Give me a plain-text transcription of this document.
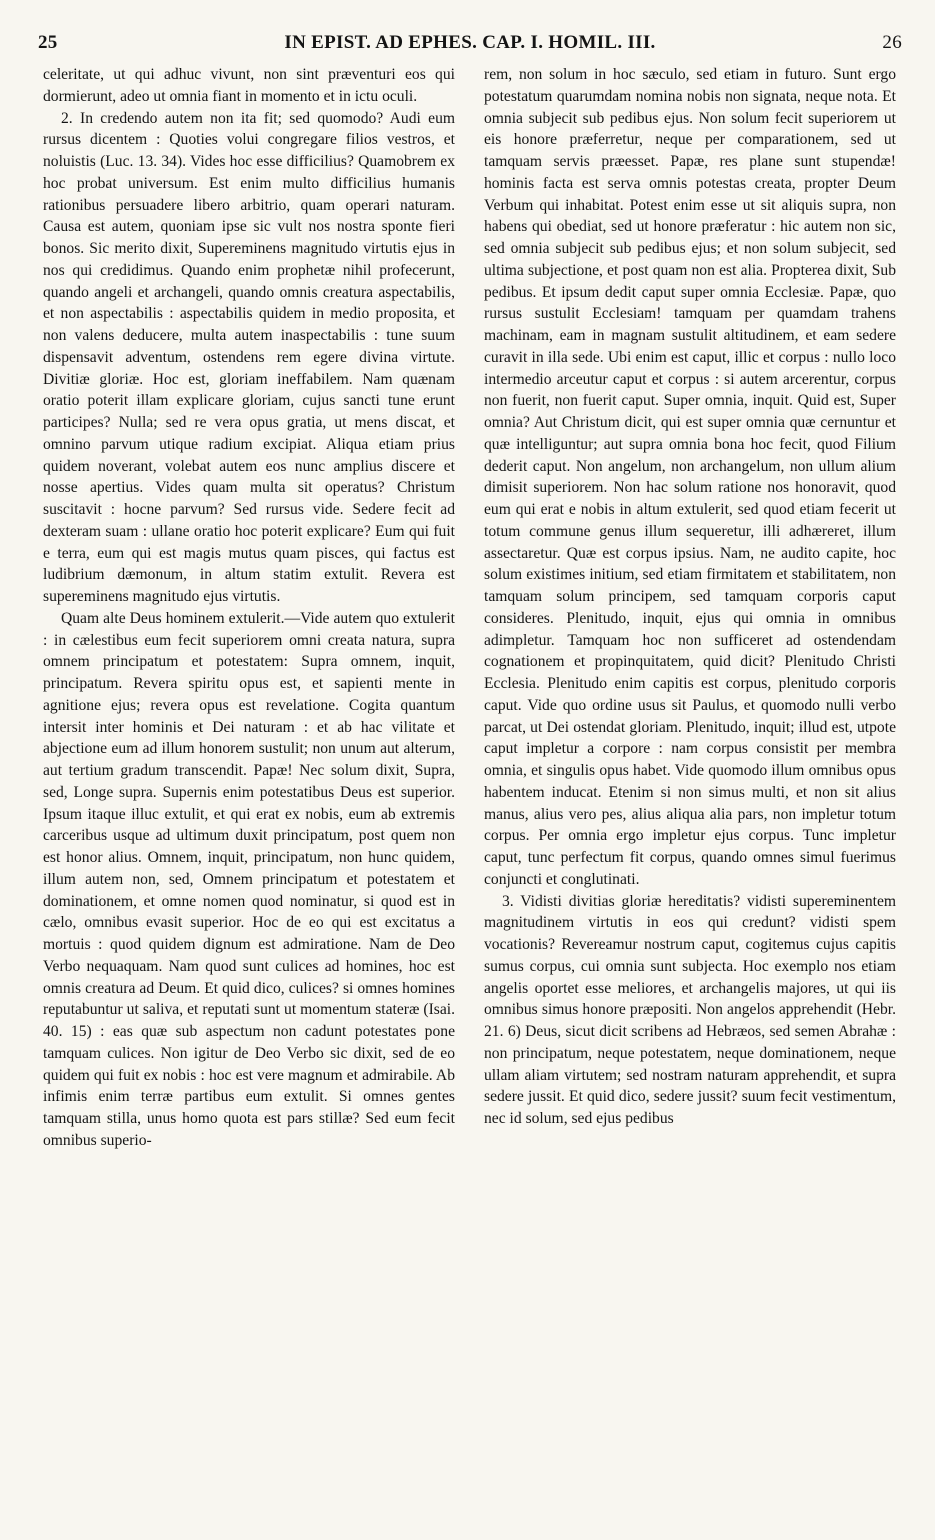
25	IN EPIST. AD EPHES. CAP. I. HOMIL. III.	26

celeritate, ut qui adhuc vivunt, non sint præventuri eos qui dormierunt, adeo ut omnia fiant in momento et in ictu oculi.

2. In credendo autem non ita fit; sed quomodo? Audi eum rursus dicentem : Quoties volui congregare filios vestros, et noluistis (Luc. 13. 34). Vides hoc esse difficilius? Quamobrem ex hoc probat universum. Est enim multo difficilius humanis rationibus persuadere libero arbitrio, quam operari naturam. Causa est autem, quoniam ipse sic vult nos nostra sponte fieri bonos. Sic merito dixit, Supereminens magnitudo virtutis ejus in nos qui credidimus. Quando enim prophetæ nihil profecerunt, quando angeli et archangeli, quando omnis creatura aspectabilis, et non aspectabilis : aspectabilis quidem in medio proposita, et non valens deducere, multa autem inaspectabilis : tune suum dispensavit adventum, ostendens rem egere divina virtute. Divitiæ gloriæ. Hoc est, gloriam ineffabilem. Nam quænam oratio poterit illam explicare gloriam, cujus sancti tune erunt participes? Nulla; sed re vera opus gratia, ut mens discat, et omnino parvum utique radium excipiat. Aliqua etiam prius quidem noverant, volebat autem eos nunc amplius discere et nosse apertius. Vides quam multa sit operatus? Christum suscitavit : hocne parvum? Sed rursus vide. Sedere fecit ad dexteram suam : ullane oratio hoc poterit explicare? Eum qui fuit e terra, eum qui est magis mutus quam pisces, qui factus est ludibrium dæmonum, in altum statim extulit. Revera est supereminens magnitudo ejus virtutis.

Quam alte Deus hominem extulerit.—Vide autem quo extulerit : in cælestibus eum fecit superiorem omni creata natura, supra omnem principatum et potestatem: Supra omnem, inquit, principatum. Revera spiritu opus est, et sapienti mente in agnitione ejus; revera opus est revelatione. Cogita quantum intersit inter hominis et Dei naturam : et ab hac vilitate et abjectione eum ad illum honorem sustulit; non unum aut alterum, aut tertium gradum transcendit. Papæ! Nec solum dixit, Supra, sed, Longe supra. Supernis enim potestatibus Deus est superior. Ipsum itaque illuc extulit, et qui erat ex nobis, eum ab extremis carceribus usque ad ultimum duxit principatum, post quem non est honor alius. Omnem, inquit, principatum, non hunc quidem, illum autem non, sed, Omnem principatum et potestatem et dominationem, et omne nomen quod nominatur, si quod est in cælo, omnibus evasit superior. Hoc de eo qui est excitatus a mortuis : quod quidem dignum est admiratione. Nam de Deo Verbo nequaquam. Nam quod sunt culices ad homines, hoc est omnis creatura ad Deum. Et quid dico, culices? si omnes homines reputabuntur ut saliva, et reputati sunt ut momentum stateræ (Isai. 40. 15) : eas quæ sub aspectum non cadunt potestates pone tamquam culices. Non igitur de Deo Verbo sic dixit, sed de eo quidem qui fuit ex nobis : hoc est vere magnum et admirabile. Ab infimis enim terræ partibus eum extulit. Si omnes gentes tamquam stilla, unus homo quota est pars stillæ? Sed eum fecit omnibus superio-

rem, non solum in hoc sæculo, sed etiam in futuro. Sunt ergo potestatum quarumdam nomina nobis non signata, neque nota. Et omnia subjecit sub pedibus ejus. Non solum fecit superiorem ut eis honore præferretur, neque per comparationem, sed ut tamquam servis præesset. Papæ, res plane sunt stupendæ! hominis facta est serva omnis potestas creata, propter Deum Verbum qui inhabitat. Potest enim esse ut sit aliquis supra, non habens qui obediat, sed ut honore præferatur : hic autem non sic, sed omnia subjecit sub pedibus ejus; et non solum subjecit, sed ultima subjectione, et post quam non est alia. Propterea dixit, Sub pedibus. Et ipsum dedit caput super omnia Ecclesiæ. Papæ, quo rursus sustulit Ecclesiam! tamquam per quamdam trahens machinam, eam in magnam sustulit altitudinem, et eam sedere curavit in illa sede. Ubi enim est caput, illic et corpus : nullo loco intermedio arceutur caput et corpus : si autem arcerentur, corpus non fuerit, non fuerit caput. Super omnia, inquit. Quid est, Super omnia? Aut Christum dicit, qui est super omnia quæ cernuntur et quæ intelliguntur; aut supra omnia bona hoc fecit, quod Filium dederit caput. Non angelum, non archangelum, non ullum alium dimisit superiorem. Non hac solum ratione nos honoravit, quod eum qui erat e nobis in altum extulerit, sed quod etiam fecerit ut totum commune genus illum sequeretur, illi adhæreret, illum assectaretur. Quæ est corpus ipsius. Nam, ne audito capite, hoc solum existimes initium, sed etiam firmitatem et stabilitatem, non tamquam solum principem, sed tamquam corporis caput consideres. Plenitudo, inquit, ejus qui omnia in omnibus adimpletur. Tamquam hoc non sufficeret ad ostendendam cognationem et propinquitatem, quid dicit? Plenitudo Christi Ecclesia. Plenitudo enim capitis est corpus, plenitudo corporis caput. Vide quo ordine usus sit Paulus, et quomodo nulli verbo parcat, ut Dei ostendat gloriam. Plenitudo, inquit; illud est, utpote caput impletur a corpore : nam corpus consistit per membra omnia, et singulis opus habet. Vide quomodo illum omnibus opus habentem inducat. Etenim si non simus multi, et non sit alius manus, alius vero pes, alius aliqua alia pars, non impletur totum corpus. Per omnia ergo impletur ejus corpus. Tunc impletur caput, tunc perfectum fit corpus, quando omnes simul fuerimus conjuncti et conglutinati.

3. Vidisti divitias gloriæ hereditatis? vidisti supereminentem magnitudinem virtutis in eos qui credunt? vidisti spem vocationis? Revereamur nostrum caput, cogitemus cujus capitis sumus corpus, cui omnia sunt subjecta. Hoc exemplo nos etiam angelis oportet esse meliores, et archangelis majores, ut qui iis omnibus simus honore præpositi. Non angelos apprehendit (Hebr. 21. 6) Deus, sicut dicit scribens ad Hebræos, sed semen Abrahæ : non principatum, neque potestatem, neque dominationem, neque ullam aliam virtutem; sed nostram naturam apprehendit, et supra sedere jussit. Et quid dico, sedere jussit? suum fecit vestimentum, nec id solum, sed ejus pedibus
